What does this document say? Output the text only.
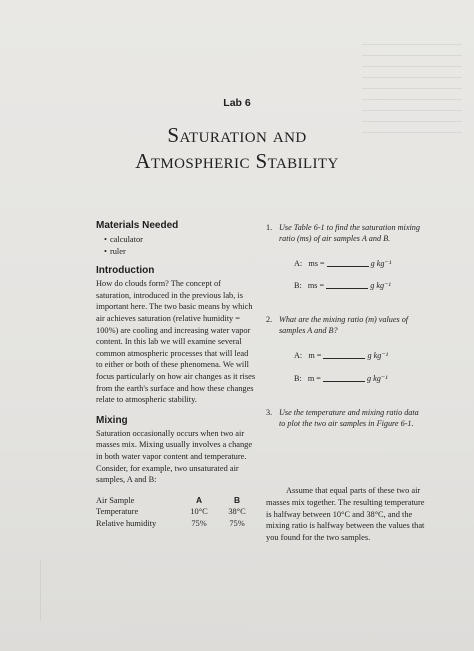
Lab 6
Saturation and
Atmospheric Stability
Materials Needed
• calculator
• ruler
Introduction

How do clouds form? The concept of saturation, introduced in the previous lab, is important here. The two basic means by which air achieves saturation (relative humidity = 100%) are cooling and increasing water vapor content. In this lab we will examine several common atmospheric processes that will lead to either or both of these phenomena. We will focus particularly on how air changes as it rises from the earth's surface and how these changes relate to atmospheric stability.

Mixing

Saturation occasionally occurs when two air masses mix. Mixing usually involves a change in both water vapor content and temperature. Consider, for example, two unsaturated air samples, A and B:

Air Sample	A	B
Temperature	10°C	38°C
Relative humidity	75%	75%
1. Use Table 6-1 to find the saturation mixing ratio (ms) of air samples A and B.
A: ms =	g kg⁻¹
B: ms =	g kg⁻¹
2. What are the mixing ratio (m) values of samples A and B?
A: m =	g kg⁻¹
B: m =	g kg⁻¹
3. Use the temperature and mixing ratio data to plot the two air samples in Figure 6-1.

Assume that equal parts of these two air masses mix together. The resulting temperature is halfway between 10°C and 38°C, and the mixing ratio is halfway between the values that you found for the two samples.
